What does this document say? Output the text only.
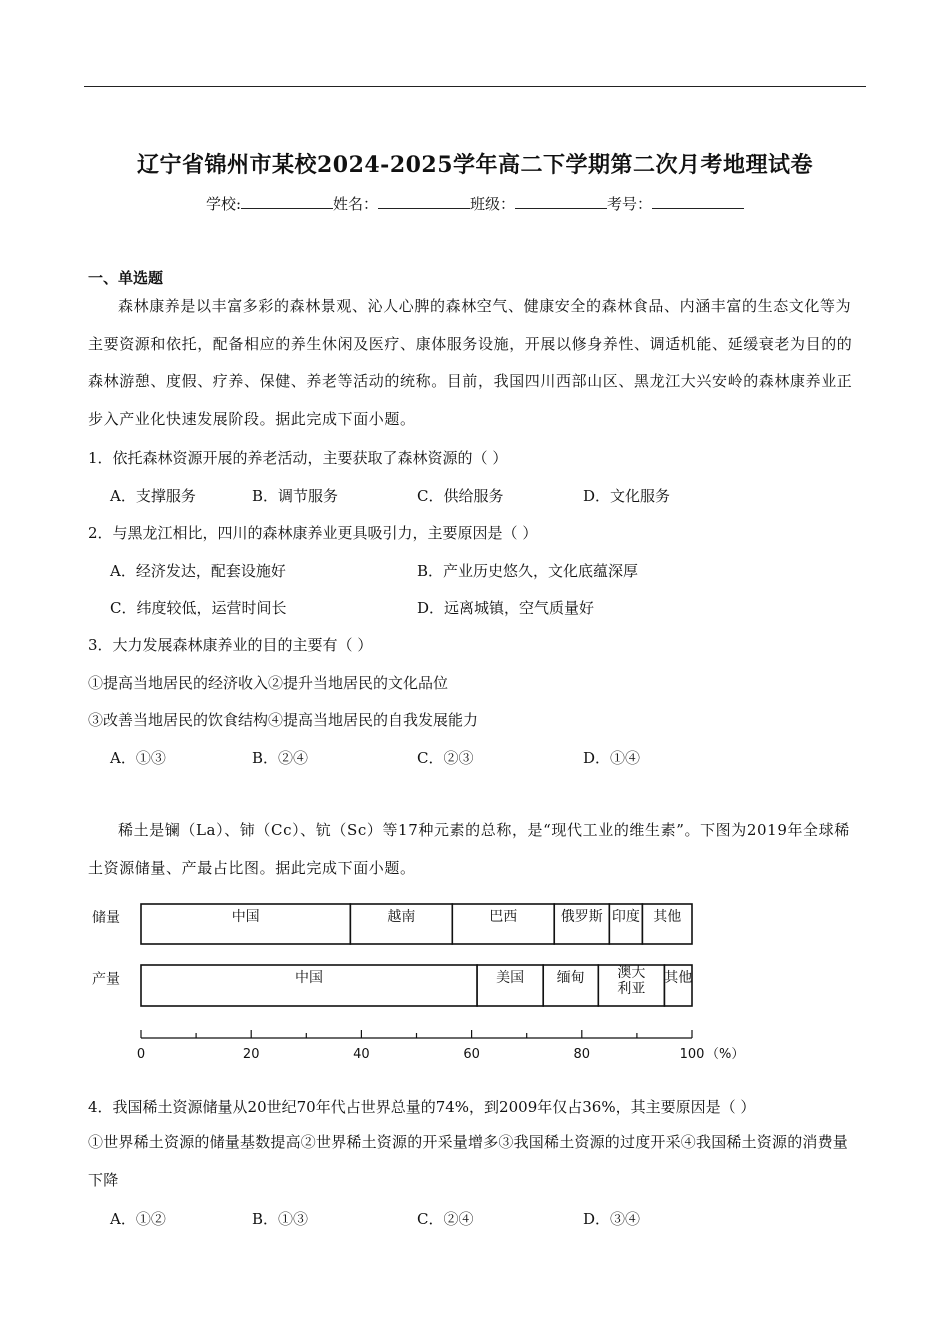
辽宁省锦州市某校2024-2025学年高二下学期第二次月考地理试卷
学校:	姓名：	班级：	考号：
一、单选题
森林康养是以丰富多彩的森林景观、沁人心脾的森林空气、健康安全的森林食品、内涵丰富的生态文化等为主要资源和依托，配备相应的养生休闲及医疗、康体服务设施，开展以修身养性、调适机能、延缓衰老为目的的森林游憩、度假、疗养、保健、养老等活动的统称。目前，我国四川西部山区、黑龙江大兴安岭的森林康养业正步入产业化快速发展阶段。据此完成下面小题。
1．依托森林资源开展的养老活动，主要获取了森林资源的（ ）
A．支撑服务	B．调节服务	C．供给服务	D．文化服务
2．与黑龙江相比，四川的森林康养业更具吸引力，主要原因是（ ）
A．经济发达，配套设施好	B．产业历史悠久，文化底蕴深厚
C．纬度较低，运营时间长	D．远离城镇，空气质量好
3．大力发展森林康养业的目的主要有（ ）
①提高当地居民的经济收入②提升当地居民的文化品位
③改善当地居民的饮食结构④提高当地居民的自我发展能力
A．①③	B．②④	C．②③	D．①④
稀土是镧（La）、铈（Cc）、钪（Sc）等17种元素的总称，是“现代工业的维生素”。下图为2019年全球稀土资源储量、产最占比图。据此完成下面小题。
储量	中国	越南	巴西	俄罗斯 印度 其他
产量	中国	美国 缅甸 澳大
利亚
其他
0	20	40	60	80	100 （%）
4．我国稀土资源储量从20世纪70年代占世界总量的74%，到2009年仅占36%，其主要原因是（ ）
①世界稀土资源的储量基数提高②世界稀土资源的开采量增多③我国稀土资源的过度开采④我国稀土资源的消费量下降
A．①②	B．①③	C．②④	D．③④
